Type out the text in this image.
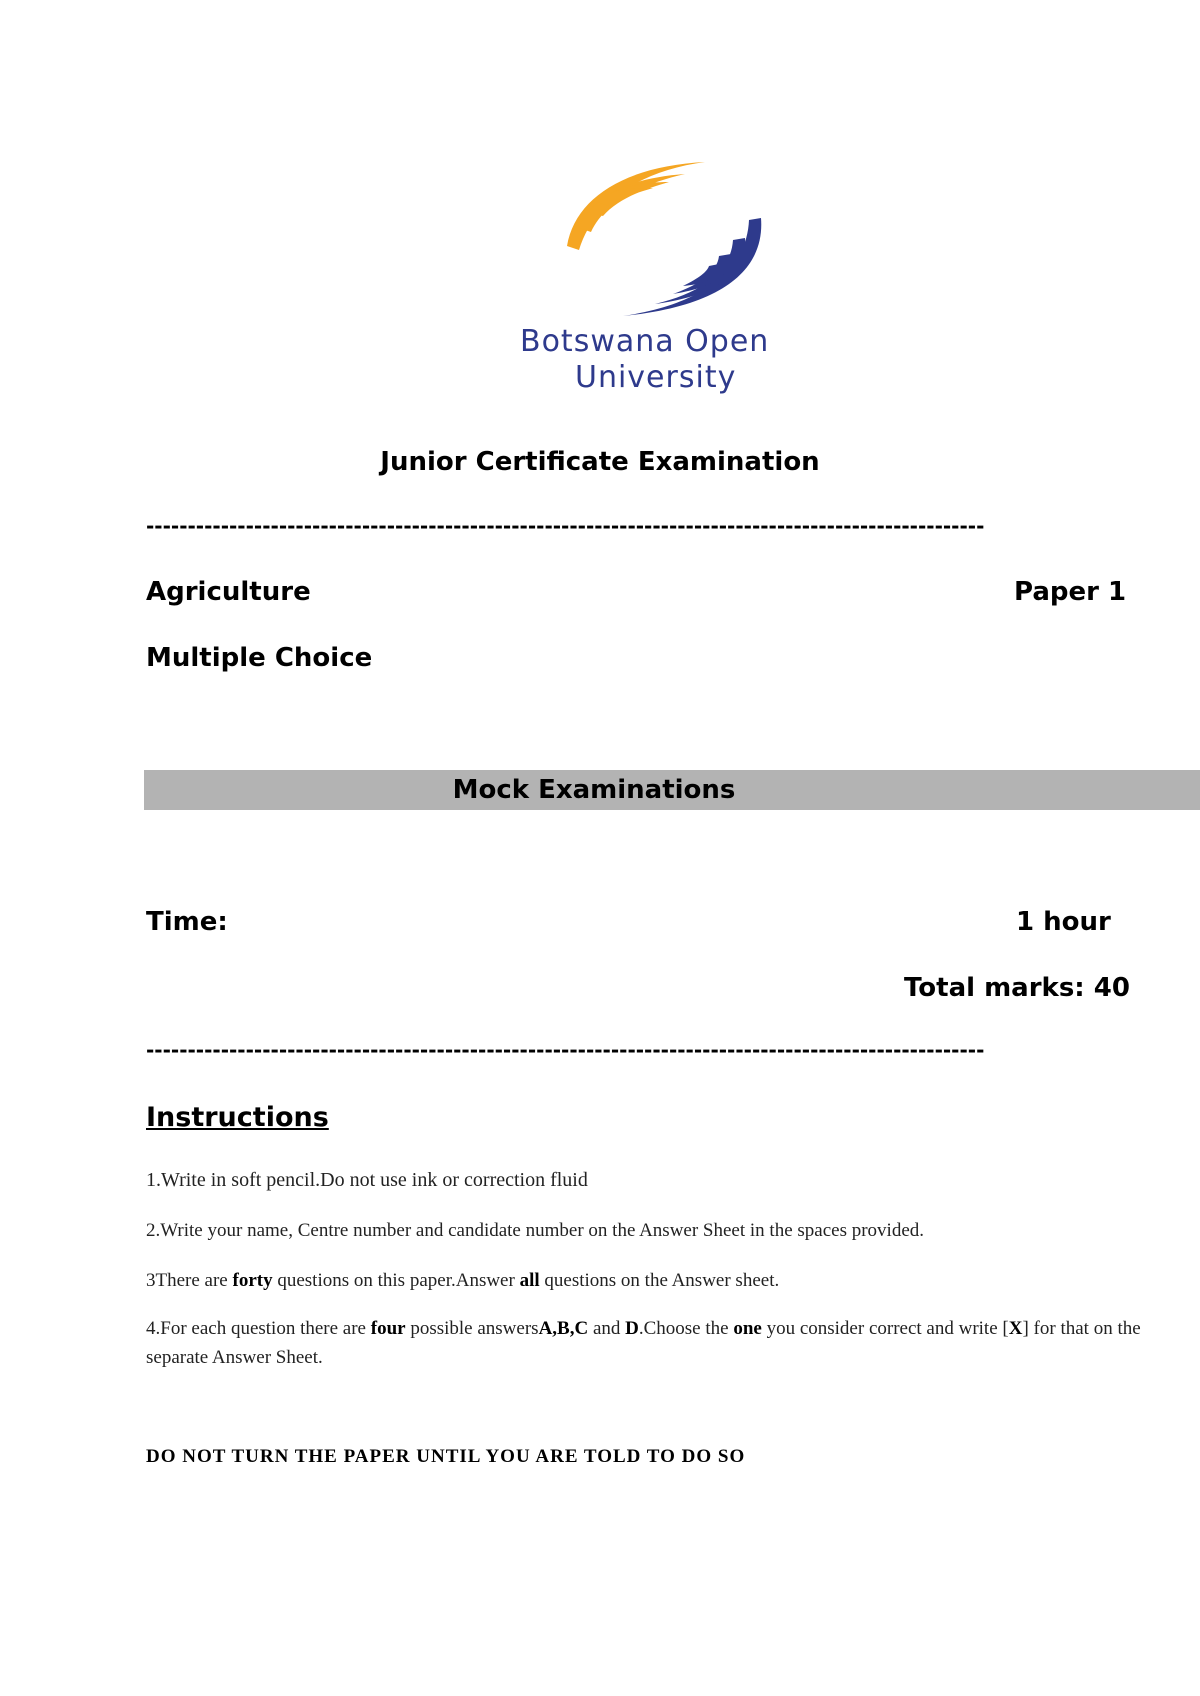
Botswana Open
University
Junior Certificate Examination
-----------------------------------------------------------------------------------------------------
Agriculture	Paper 1
Multiple Choice
Mock Examinations
Time:	1 hour
Total marks: 40
-----------------------------------------------------------------------------------------------------
Instructions
1.Write in soft pencil.Do not use ink or correction fluid
2.Write your name, Centre number and candidate number on the Answer Sheet in the spaces provided.
3There are forty questions on this paper.Answer all questions on the Answer sheet.
4.For each question there are four possible answersA,B,C and D.Choose the one you consider correct and write [X] for that on the separate Answer Sheet.
DO NOT TURN THE PAPER UNTIL YOU ARE TOLD TO DO SO
